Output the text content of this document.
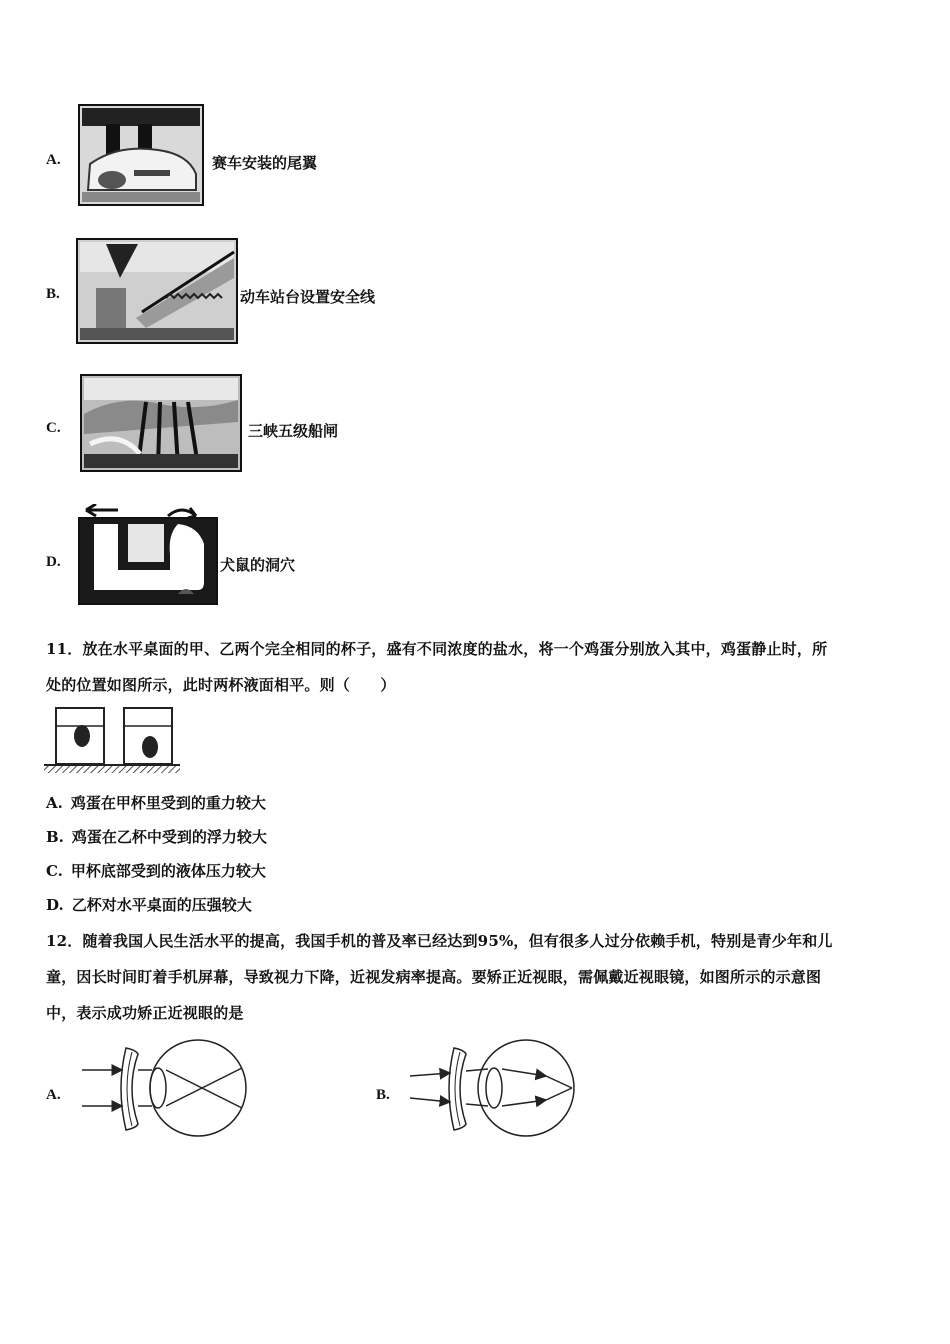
A.	赛车安装的尾翼
B.	动车站台设置安全线
C.	三峡五级船闸
D.	犬鼠的洞穴
11．放在水平桌面的甲、乙两个完全相同的杯子，盛有不同浓度的盐水，将一个鸡蛋分别放入其中，鸡蛋静止时，所
处的位置如图所示，此时两杯液面相平。则（　　）
A. 鸡蛋在甲杯里受到的重力较大
B. 鸡蛋在乙杯中受到的浮力较大
C. 甲杯底部受到的液体压力较大
D. 乙杯对水平桌面的压强较大
12．随着我国人民生活水平的提高，我国手机的普及率已经达到95%，但有很多人过分依赖手机，特别是青少年和儿
童，因长时间盯着手机屏幕，导致视力下降，近视发病率提高。要矫正近视眼，需佩戴近视眼镜，如图所示的示意图
中，表示成功矫正近视眼的是
A.	B.
